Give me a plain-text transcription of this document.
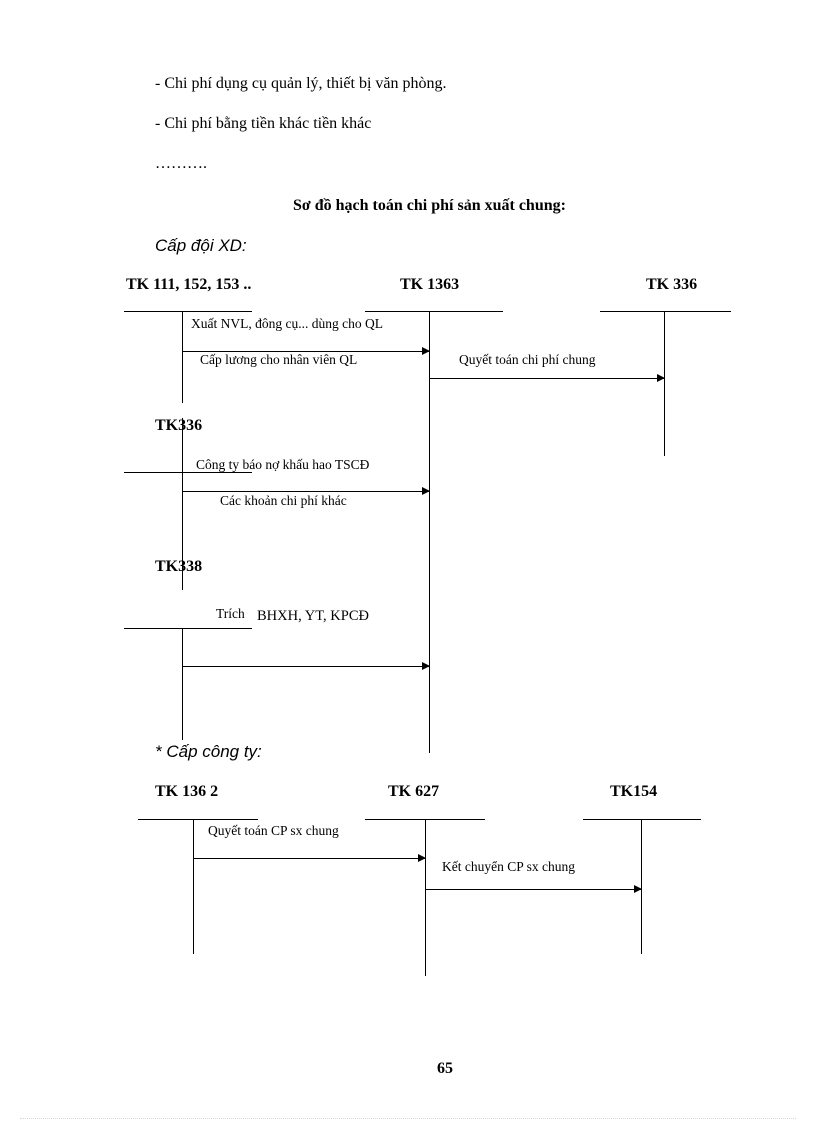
- Chi phí dụng cụ quản lý, thiết bị văn phòng.
- Chi phí bằng tiền khác tiền khác
……….
Sơ đồ hạch toán chi phí sản xuất chung:
Cấp đội XD:
TK 111, 152, 153 ..	TK 1363	TK 336
Xuất NVL, đông cụ... dùng cho QL
Cấp lương cho nhân viên QL	Quyết toán chi phí chung
TK336
Công ty báo nợ khấu hao TSCĐ
Các khoản chi phí khác
TK338
Trích BHXH, YT, KPCĐ
* Cấp công ty:
TK 136 2	TK 627	TK154
Quyết toán CP sx chung
Kết chuyển CP sx chung
65
